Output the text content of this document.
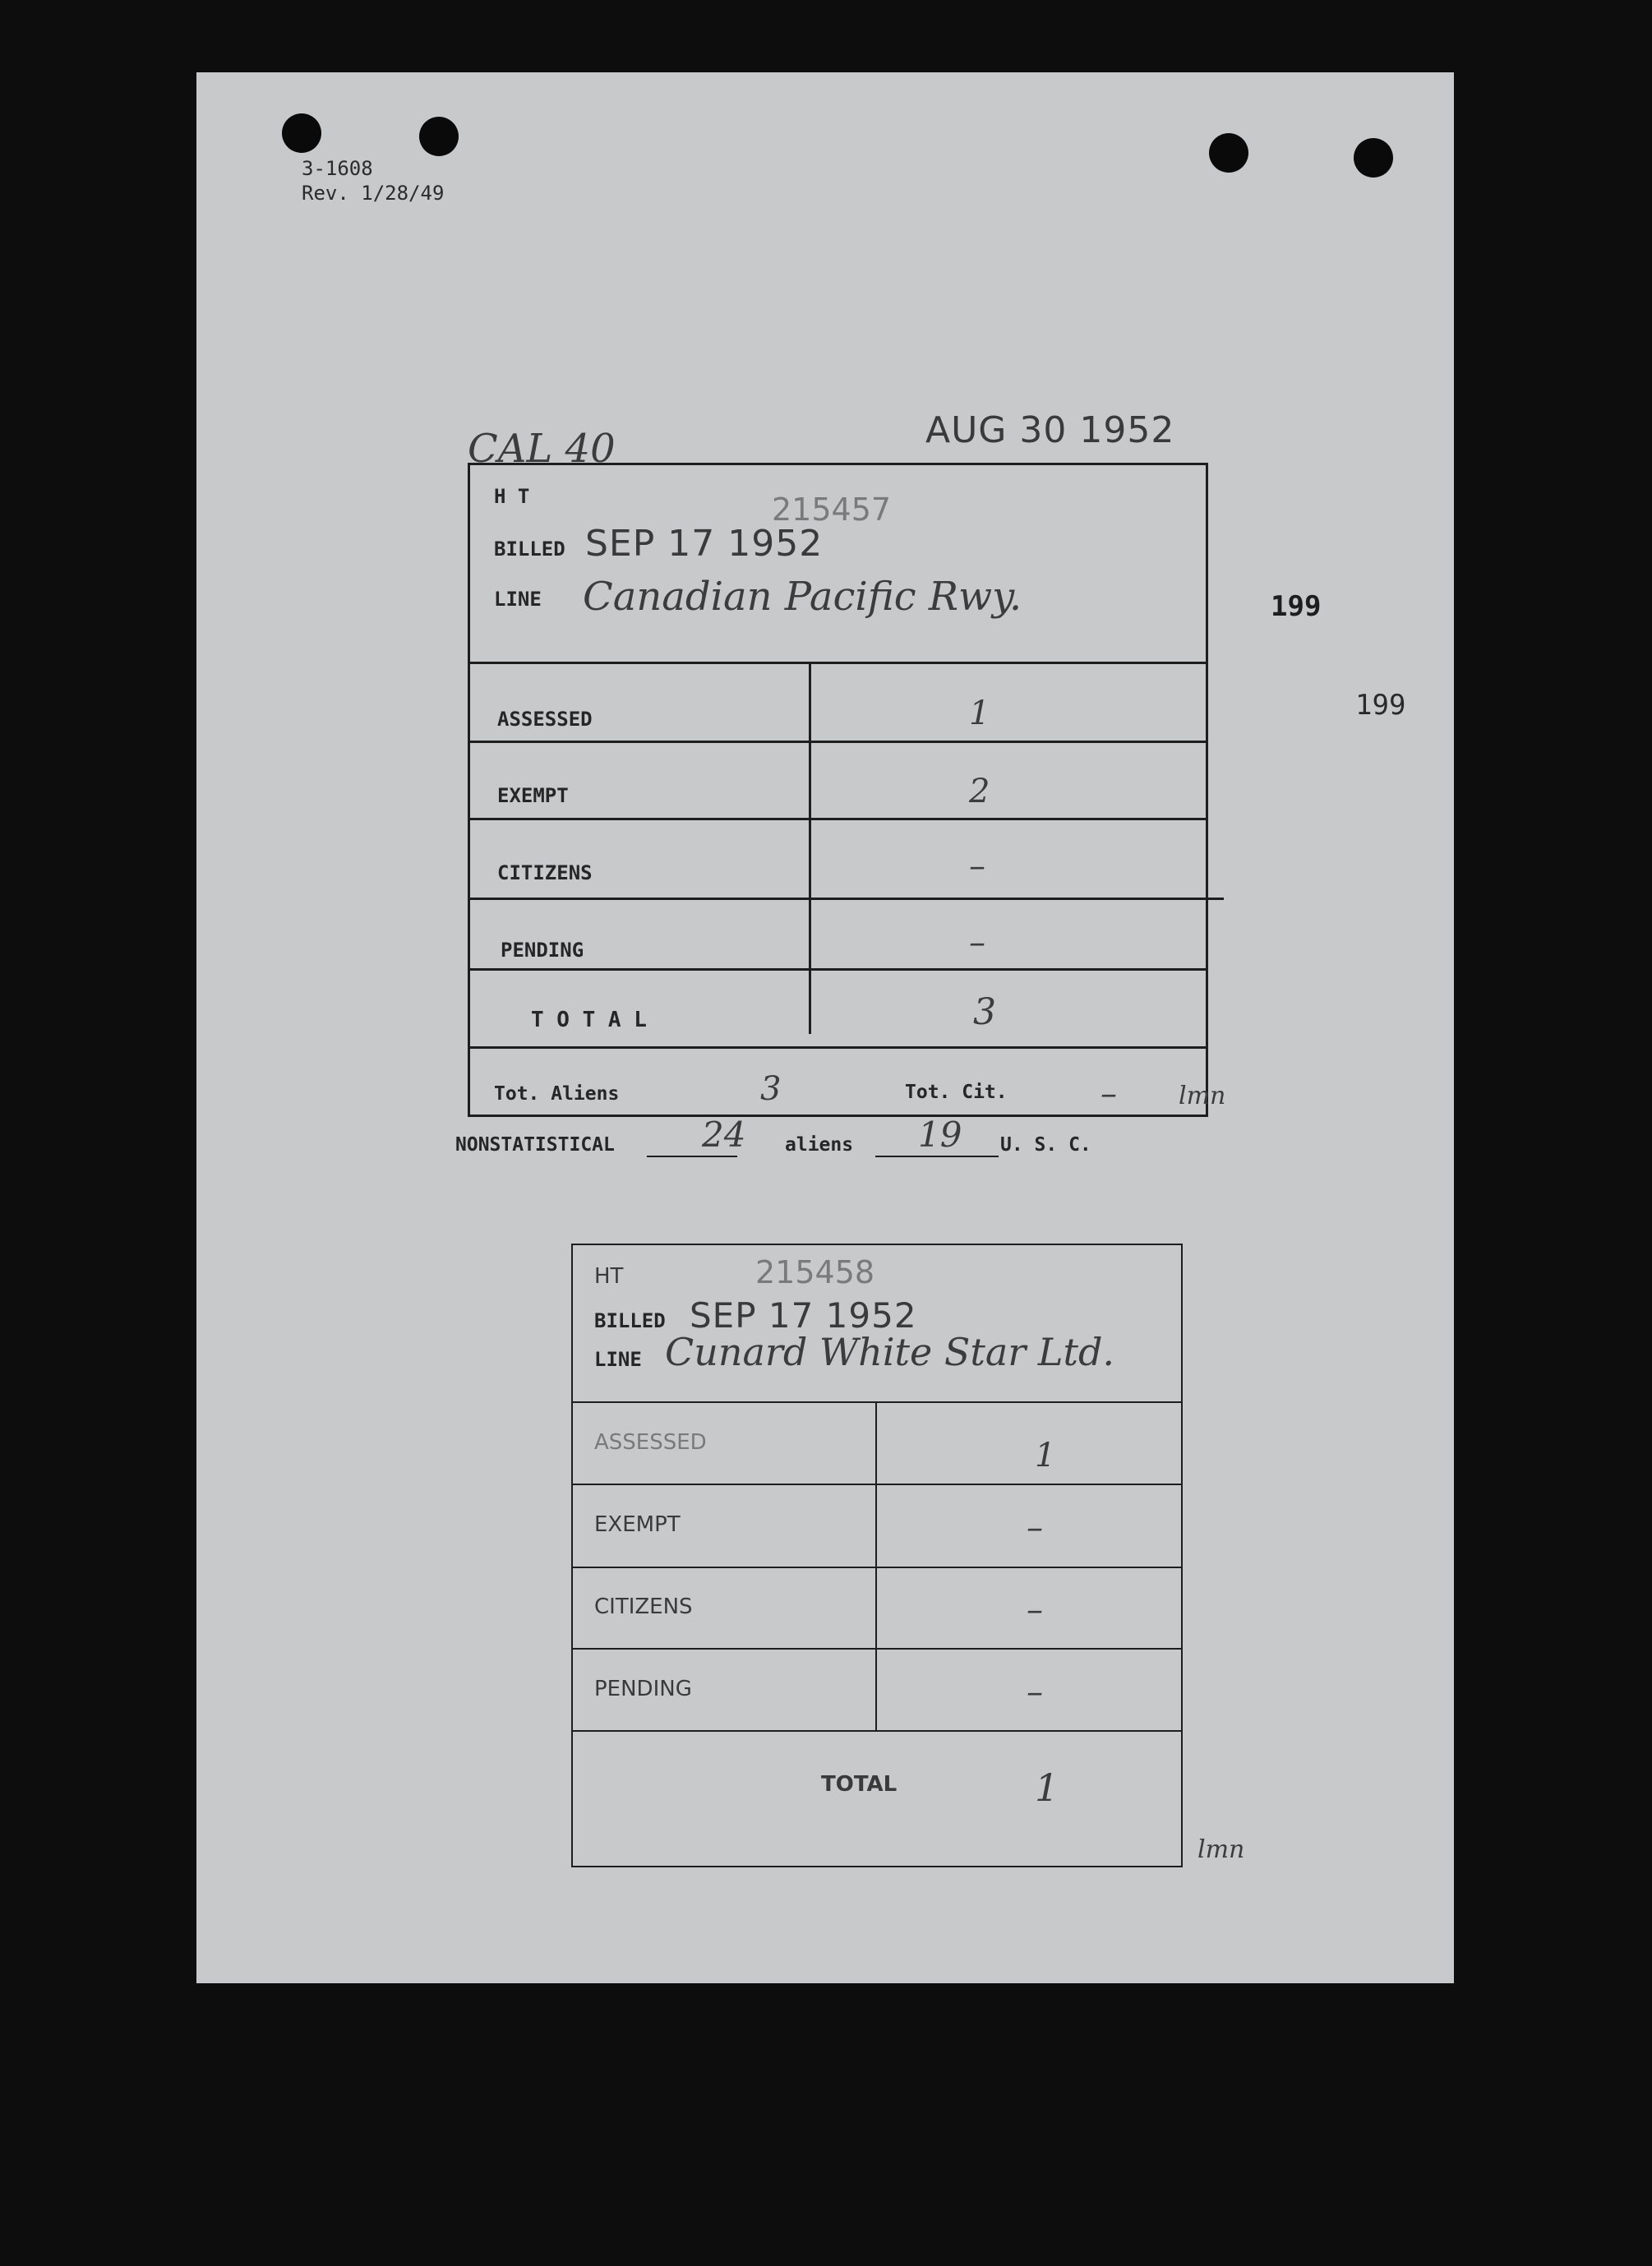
3-1608
Rev. 1/28/49
CAL 40	AUG 30 1952
199
199
H T	215457
BILLED SEP 17 1952
LINE Canadian Pacific Rwy.
ASSESSED	1
EXEMPT	2
CITIZENS	–
PENDING	–
T O T A L	3
Tot. Aliens	3	Tot. Cit.	–	lmn
NONSTATISTICAL	24 aliens 19 U. S. C.
HT	215458
BILLED SEP 17 1952
LINE Cunard White Star Ltd.
ASSESSED	1
EXEMPT	–
CITIZENS	–
PENDING	–
TOTAL	1
lmn
